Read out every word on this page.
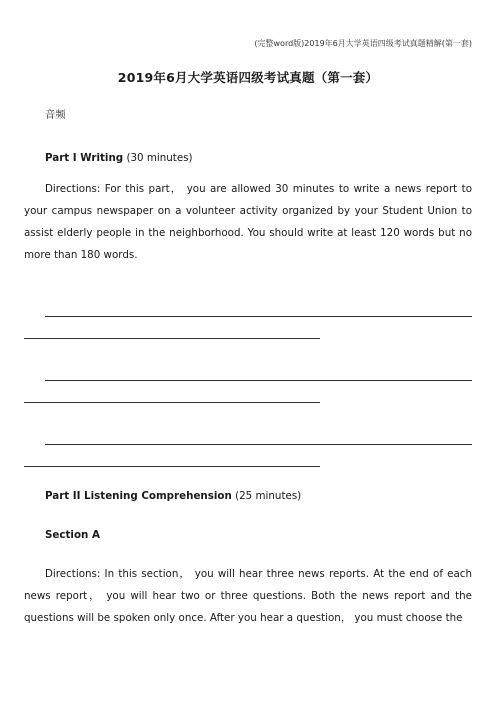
(完整word版)2019年6月大学英语四级考试真题精解(第一套)
2019年6月大学英语四级考试真题（第一套）
音频
Part I Writing (30 minutes)
Directions: For this part， you are allowed 30 minutes to write a news report to your campus newspaper on a volunteer activity organized by your Student Union to assist elderly people in the neighborhood. You should write at least 120 words but no more than 180 words.
Part II Listening Comprehension (25 minutes)
Section A
Directions: In this section， you will hear three news reports. At the end of each news report， you will hear two or three questions. Both the news report and the questions will be spoken only once. After you hear a question， you must choose the
